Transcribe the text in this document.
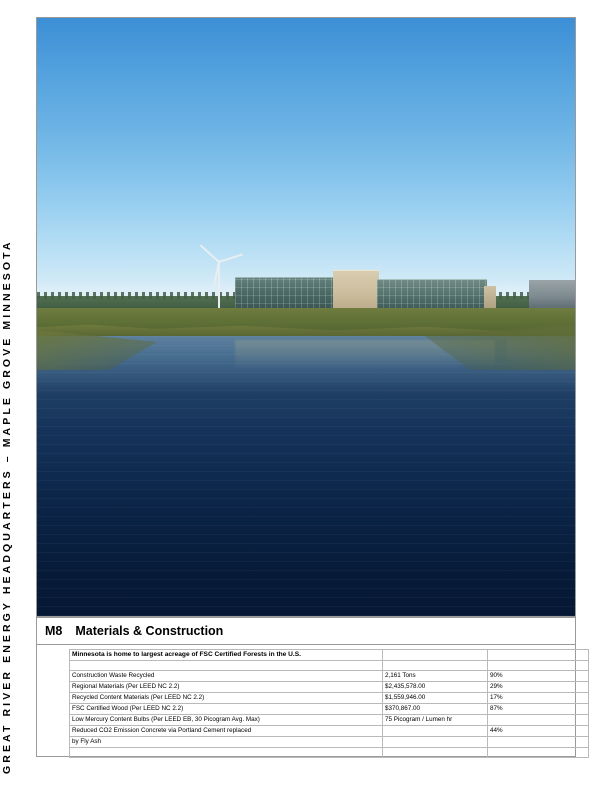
GREAT RIVER ENERGY HEADQUARTERS – MAPLE GROVE MINNESOTA	M8 Materials & Construction
Minnesota is home to largest acreage of FSC Certified Forests in the U.S.		

Construction Waste Recycled	2,161 Tons	90%
Regional Materials (Per LEED NC 2.2)	$2,435,578.00	29%
Recycled Content Materials (Per LEED NC 2.2)	$1,559,946.00	17%
FSC Certified Wood (Per LEED NC 2.2)	$370,867.00	87%
Low Mercury Content Bulbs (Per LEED EB, 30 Picogram Avg. Max)	75 Picogram / Lumen hr	
Reduced CO2 Emission Concrete via Portland Cement replaced		44%
by Fly Ash		
